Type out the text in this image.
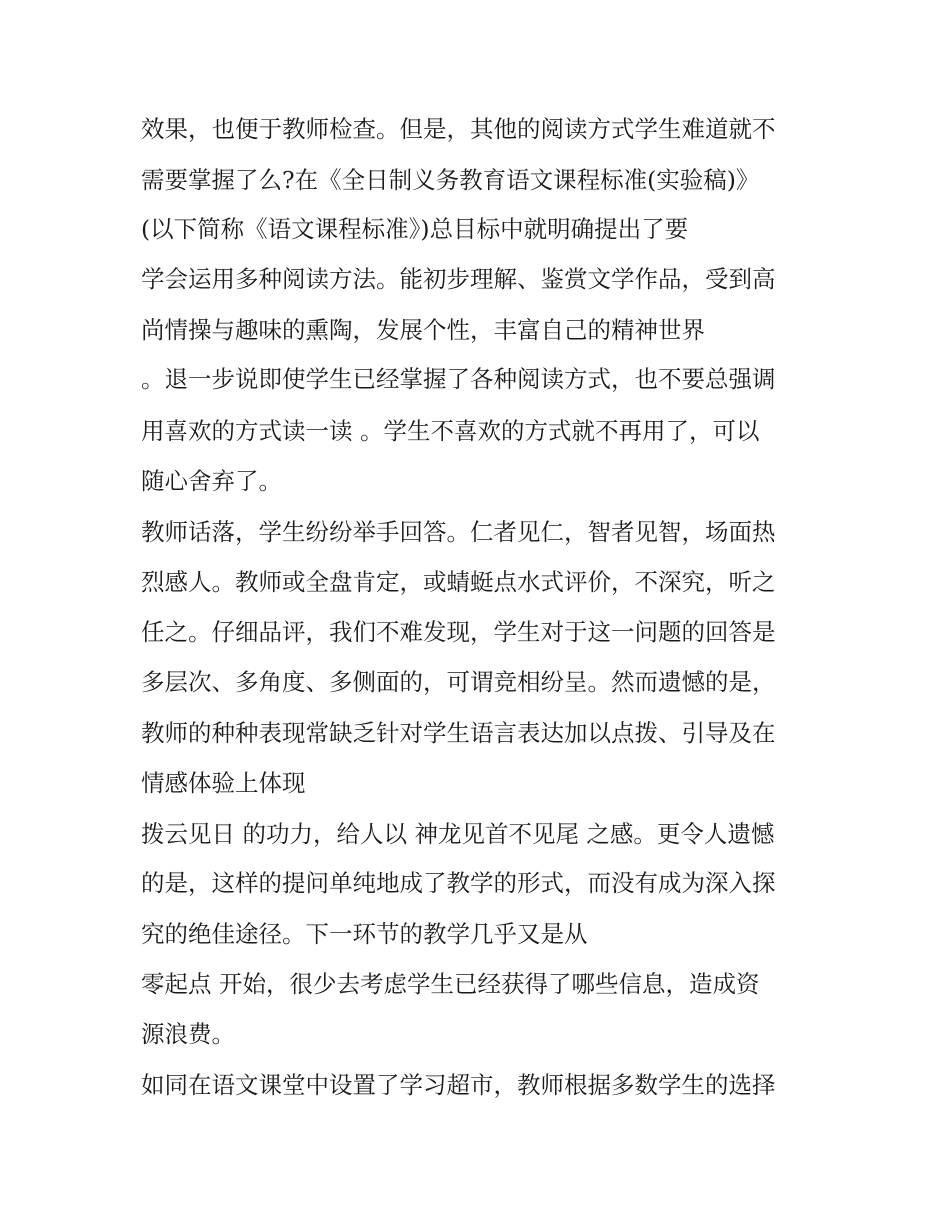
效果，也便于教师检查。但是，其他的阅读方式学生难道就不
需要掌握了么?在《全日制义务教育语文课程标准(实验稿)》
(以下简称《语文课程标准》)总目标中就明确提出了要
学会运用多种阅读方法。能初步理解、鉴赏文学作品，受到高
尚情操与趣味的熏陶，发展个性，丰富自己的精神世界
。退一步说即使学生已经掌握了各种阅读方式，也不要总强调
用喜欢的方式读一读 。学生不喜欢的方式就不再用了，可以
随心舍弃了。
教师话落，学生纷纷举手回答。仁者见仁，智者见智，场面热
烈感人。教师或全盘肯定，或蜻蜓点水式评价，不深究，听之
任之。仔细品评，我们不难发现，学生对于这一问题的回答是
多层次、多角度、多侧面的，可谓竞相纷呈。然而遗憾的是，
教师的种种表现常缺乏针对学生语言表达加以点拨、引导及在
情感体验上体现
拨云见日 的功力，给人以 神龙见首不见尾 之感。更令人遗憾
的是，这样的提问单纯地成了教学的形式，而没有成为深入探
究的绝佳途径。下一环节的教学几乎又是从
零起点 开始，很少去考虑学生已经获得了哪些信息，造成资
源浪费。
如同在语文课堂中设置了学习超市，教师根据多数学生的选择
